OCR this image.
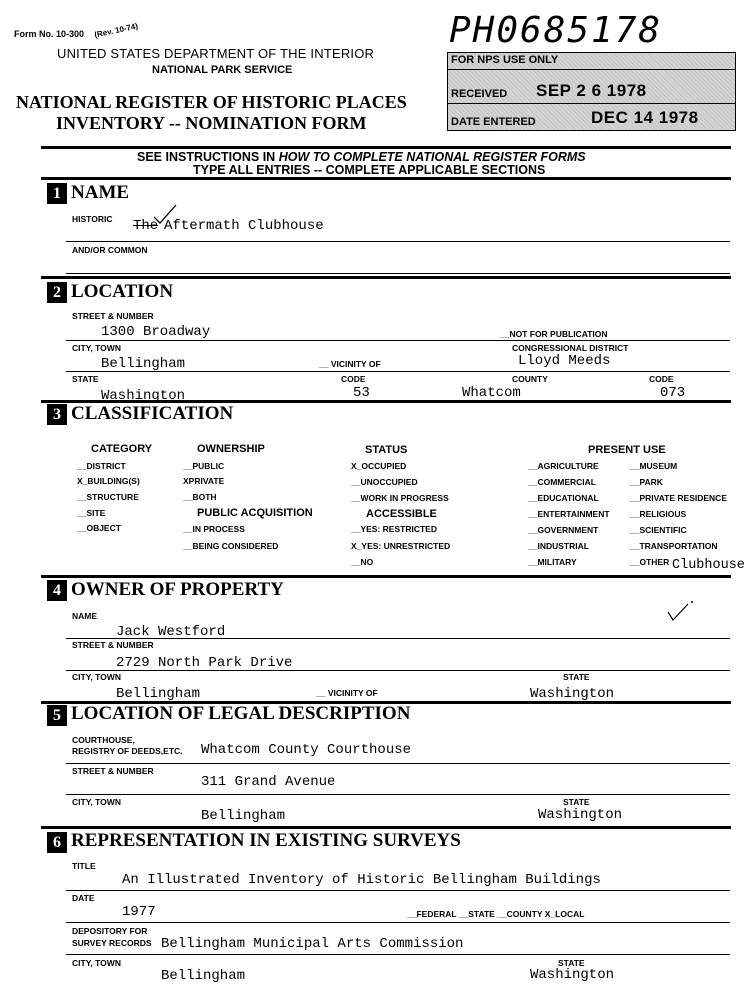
Form No. 10-300 (Rev. 10-74)
UNITED STATES DEPARTMENT OF THE INTERIOR
NATIONAL PARK SERVICE
NATIONAL REGISTER OF HISTORIC PLACES
INVENTORY -- NOMINATION FORM
PH0685178
FOR NPS USE ONLY
RECEIVED SEP 2 6 1978
DATE ENTERED	DEC 14 1978
SEE INSTRUCTIONS IN HOW TO COMPLETE NATIONAL REGISTER FORMS
TYPE ALL ENTRIES -- COMPLETE APPLICABLE SECTIONS
1 NAME
HISTORIC The Aftermath Clubhouse
AND/OR COMMON
2 LOCATION
STREET & NUMBER
1300 Broadway	__NOT FOR PUBLICATION
CITY, TOWN	CONGRESSIONAL DISTRICT
Bellingham	__ VICINITY OF	Lloyd Meeds
STATE	CODE	COUNTY	CODE
Washington	53	Whatcom	073
3 CLASSIFICATION
CATEGORY
__DISTRICT
X_BUILDING(S)
__STRUCTURE
__SITE
__OBJECT
OWNERSHIP
__PUBLIC
XPRIVATE
__BOTH
PUBLIC ACQUISITION
__IN PROCESS
__BEING CONSIDERED
STATUS
X_OCCUPIED
__UNOCCUPIED
__WORK IN PROGRESS
ACCESSIBLE
__YES: RESTRICTED
X_YES: UNRESTRICTED
__NO
PRESENT USE
__AGRICULTURE
__COMMERCIAL
__EDUCATIONAL
__ENTERTAINMENT
__GOVERNMENT
__INDUSTRIAL
__MILITARY
__MUSEUM
__PARK
__PRIVATE RESIDENCE
__RELIGIOUS
__SCIENTIFIC
__TRANSPORTATION
__OTHER Clubhouse
4 OWNER OF PROPERTY
NAME
Jack Westford
STREET & NUMBER
2729 North Park Drive
CITY, TOWN	STATE
Bellingham	__ VICINITY OF	Washington
5 LOCATION OF LEGAL DESCRIPTION
COURTHOUSE,
REGISTRY OF DEEDS,ETC. Whatcom County Courthouse
STREET & NUMBER
311 Grand Avenue
CITY, TOWN	STATE
Bellingham	Washington
6 REPRESENTATION IN EXISTING SURVEYS
TITLE
An Illustrated Inventory of Historic Bellingham Buildings
DATE
1977	__FEDERAL __STATE __COUNTY X_LOCAL
DEPOSITORY FOR
SURVEY RECORDS Bellingham Municipal Arts Commission
CITY, TOWN	STATE
Bellingham	Washington
